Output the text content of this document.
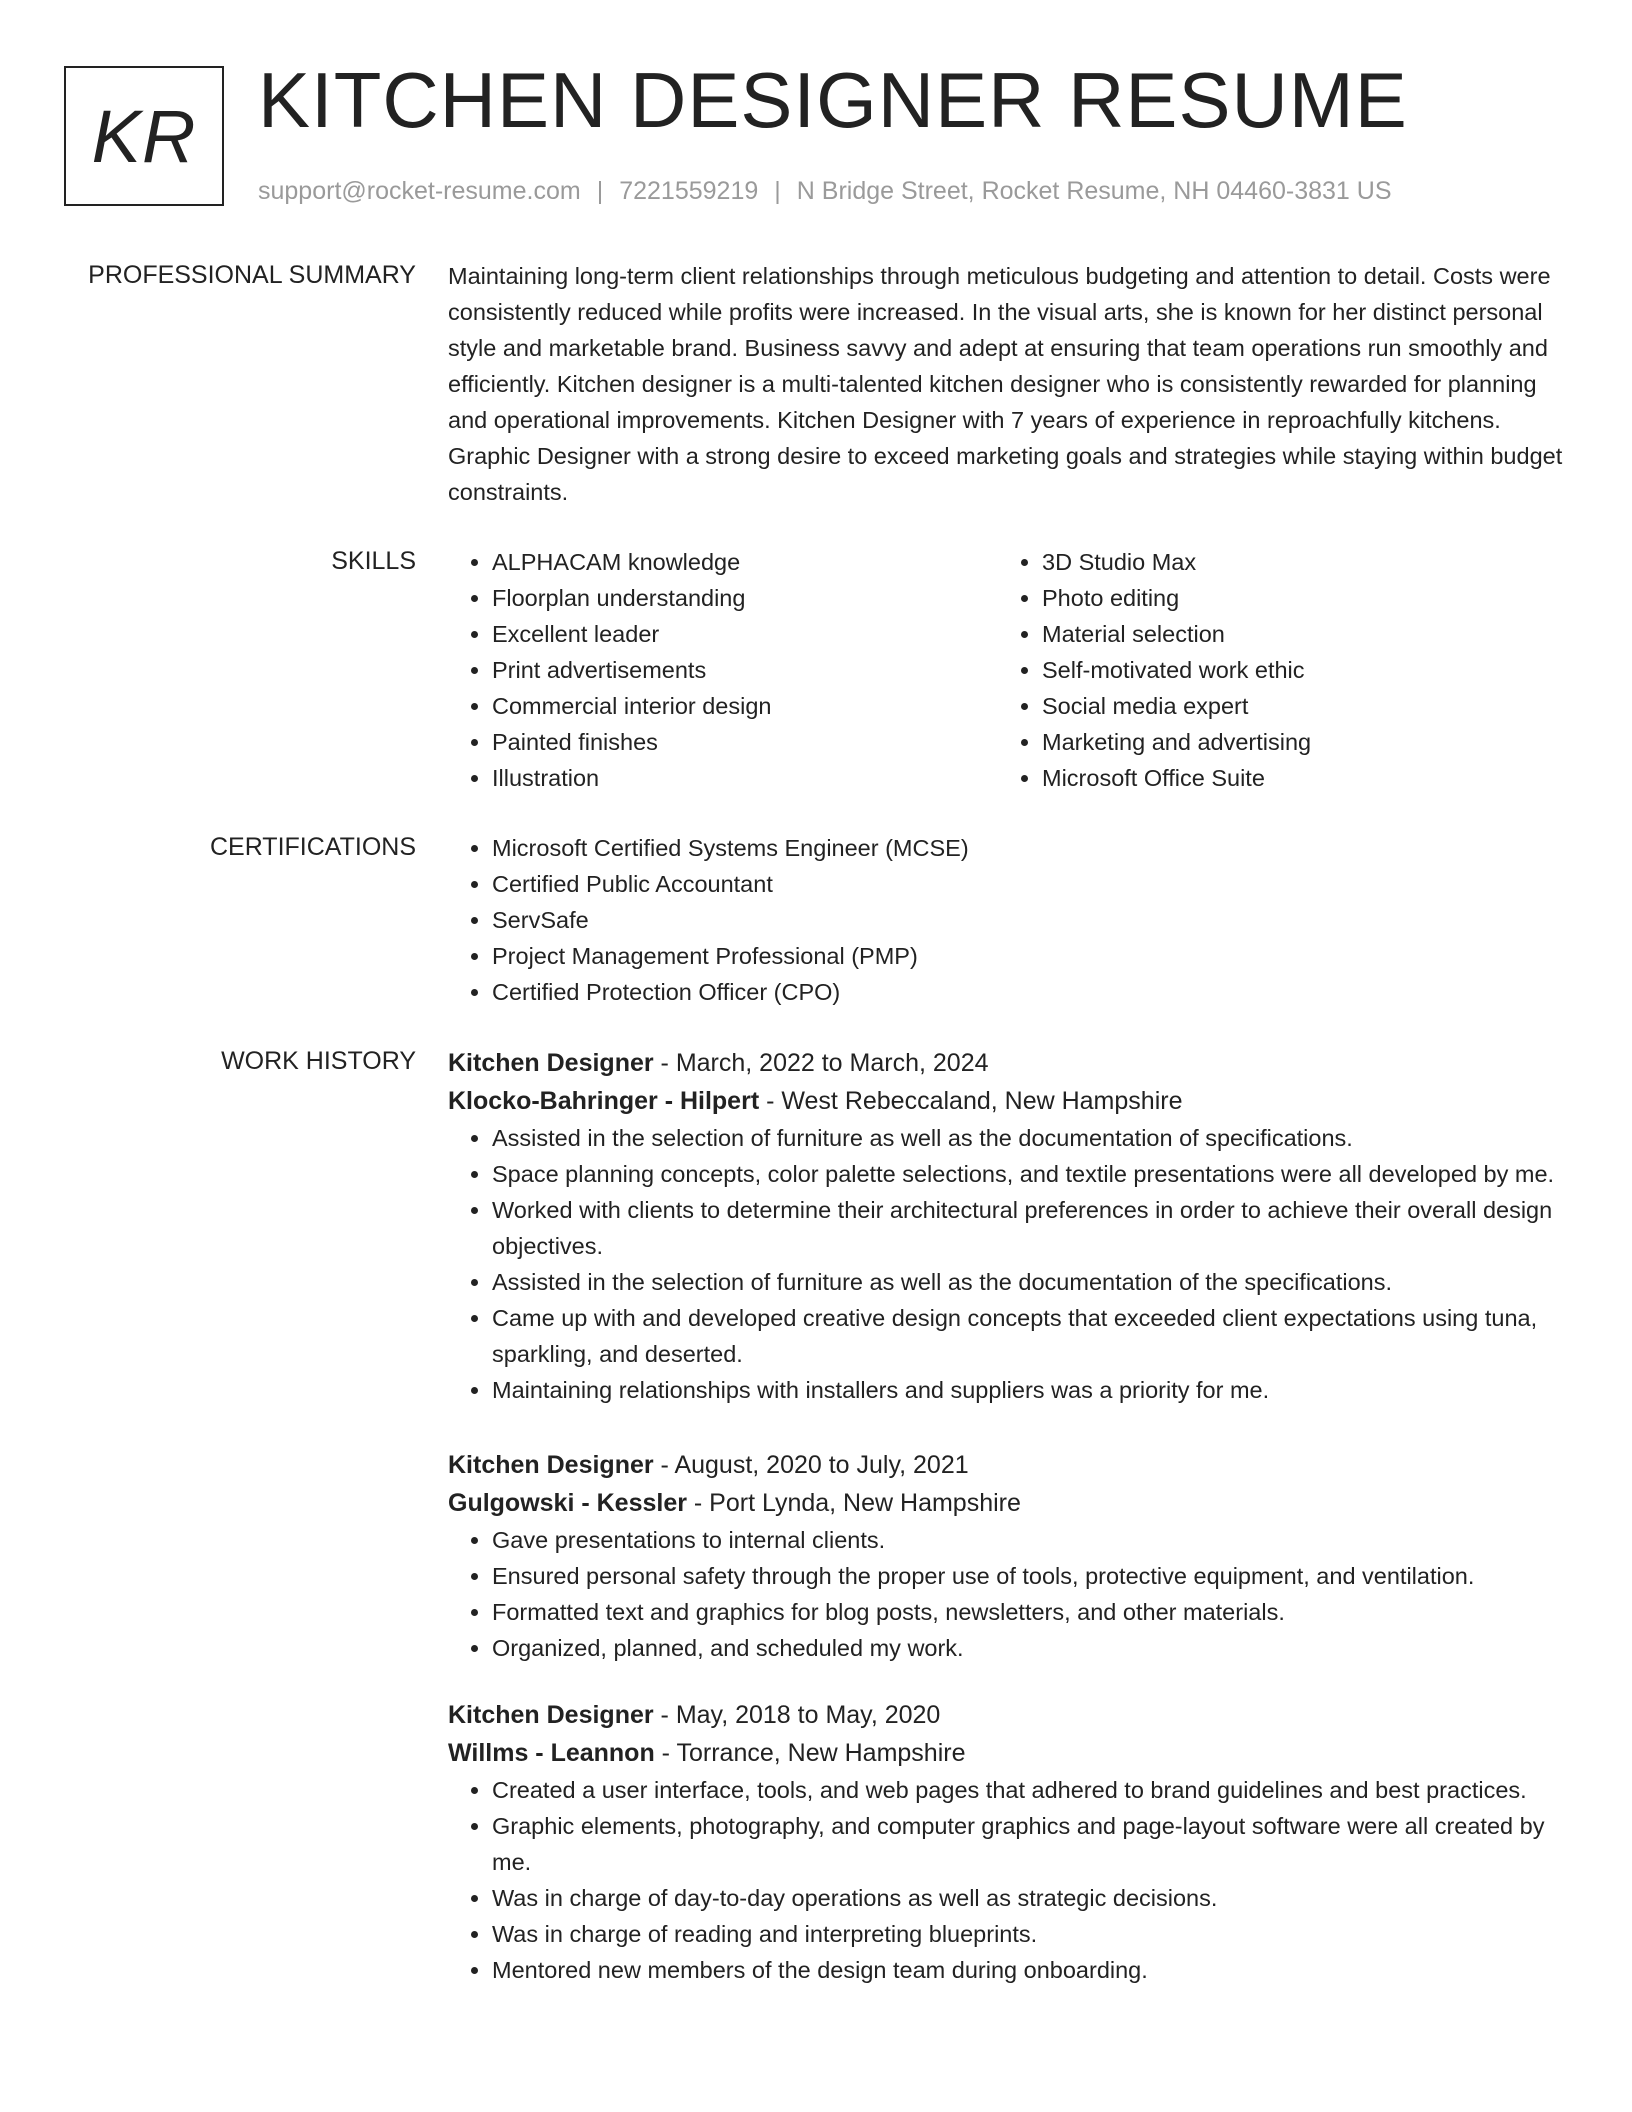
KR KITCHEN DESIGNER RESUME
support@rocket-resume.com | 7221559219 | N Bridge Street, Rocket Resume, NH 04460-3831 US
PROFESSIONAL SUMMARY Maintaining long-term client relationships through meticulous budgeting and attention to detail. Costs were consistently reduced while profits were increased. In the visual arts, she is known for her distinct personal style and marketable brand. Business savvy and adept at ensuring that team operations run smoothly and efficiently. Kitchen designer is a multi-talented kitchen designer who is consistently rewarded for planning and operational improvements. Kitchen Designer with 7 years of experience in reproachfully kitchens. Graphic Designer with a strong desire to exceed marketing goals and strategies while staying within budget constraints.

SKILLS	• ALPHACAM knowledge
• Floorplan understanding
• Excellent leader
• Print advertisements
• Commercial interior design
• Painted finishes
• Illustration
• 3D Studio Max
• Photo editing
• Material selection
• Self-motivated work ethic
• Social media expert
• Marketing and advertising
• Microsoft Office Suite
CERTIFICATIONS	• Microsoft Certified Systems Engineer (MCSE)
• Certified Public Accountant
• ServSafe
• Project Management Professional (PMP)
• Certified Protection Officer (CPO)
WORK HISTORY Kitchen Designer - March, 2022 to March, 2024
Klocko-Bahringer - Hilpert - West Rebeccaland, New Hampshire
• Assisted in the selection of furniture as well as the documentation of specifications.
• Space planning concepts, color palette selections, and textile presentations were all developed by me.
• Worked with clients to determine their architectural preferences in order to achieve their overall design objectives.
• Assisted in the selection of furniture as well as the documentation of the specifications.
• Came up with and developed creative design concepts that exceeded client expectations using tuna, sparkling, and deserted.
• Maintaining relationships with installers and suppliers was a priority for me.
Kitchen Designer - August, 2020 to July, 2021
Gulgowski - Kessler - Port Lynda, New Hampshire
• Gave presentations to internal clients.
• Ensured personal safety through the proper use of tools, protective equipment, and ventilation.
• Formatted text and graphics for blog posts, newsletters, and other materials.
• Organized, planned, and scheduled my work.
Kitchen Designer - May, 2018 to May, 2020
Willms - Leannon - Torrance, New Hampshire
• Created a user interface, tools, and web pages that adhered to brand guidelines and best practices.
• Graphic elements, photography, and computer graphics and page-layout software were all created by me.
• Was in charge of day-to-day operations as well as strategic decisions.
• Was in charge of reading and interpreting blueprints.
• Mentored new members of the design team during onboarding.
